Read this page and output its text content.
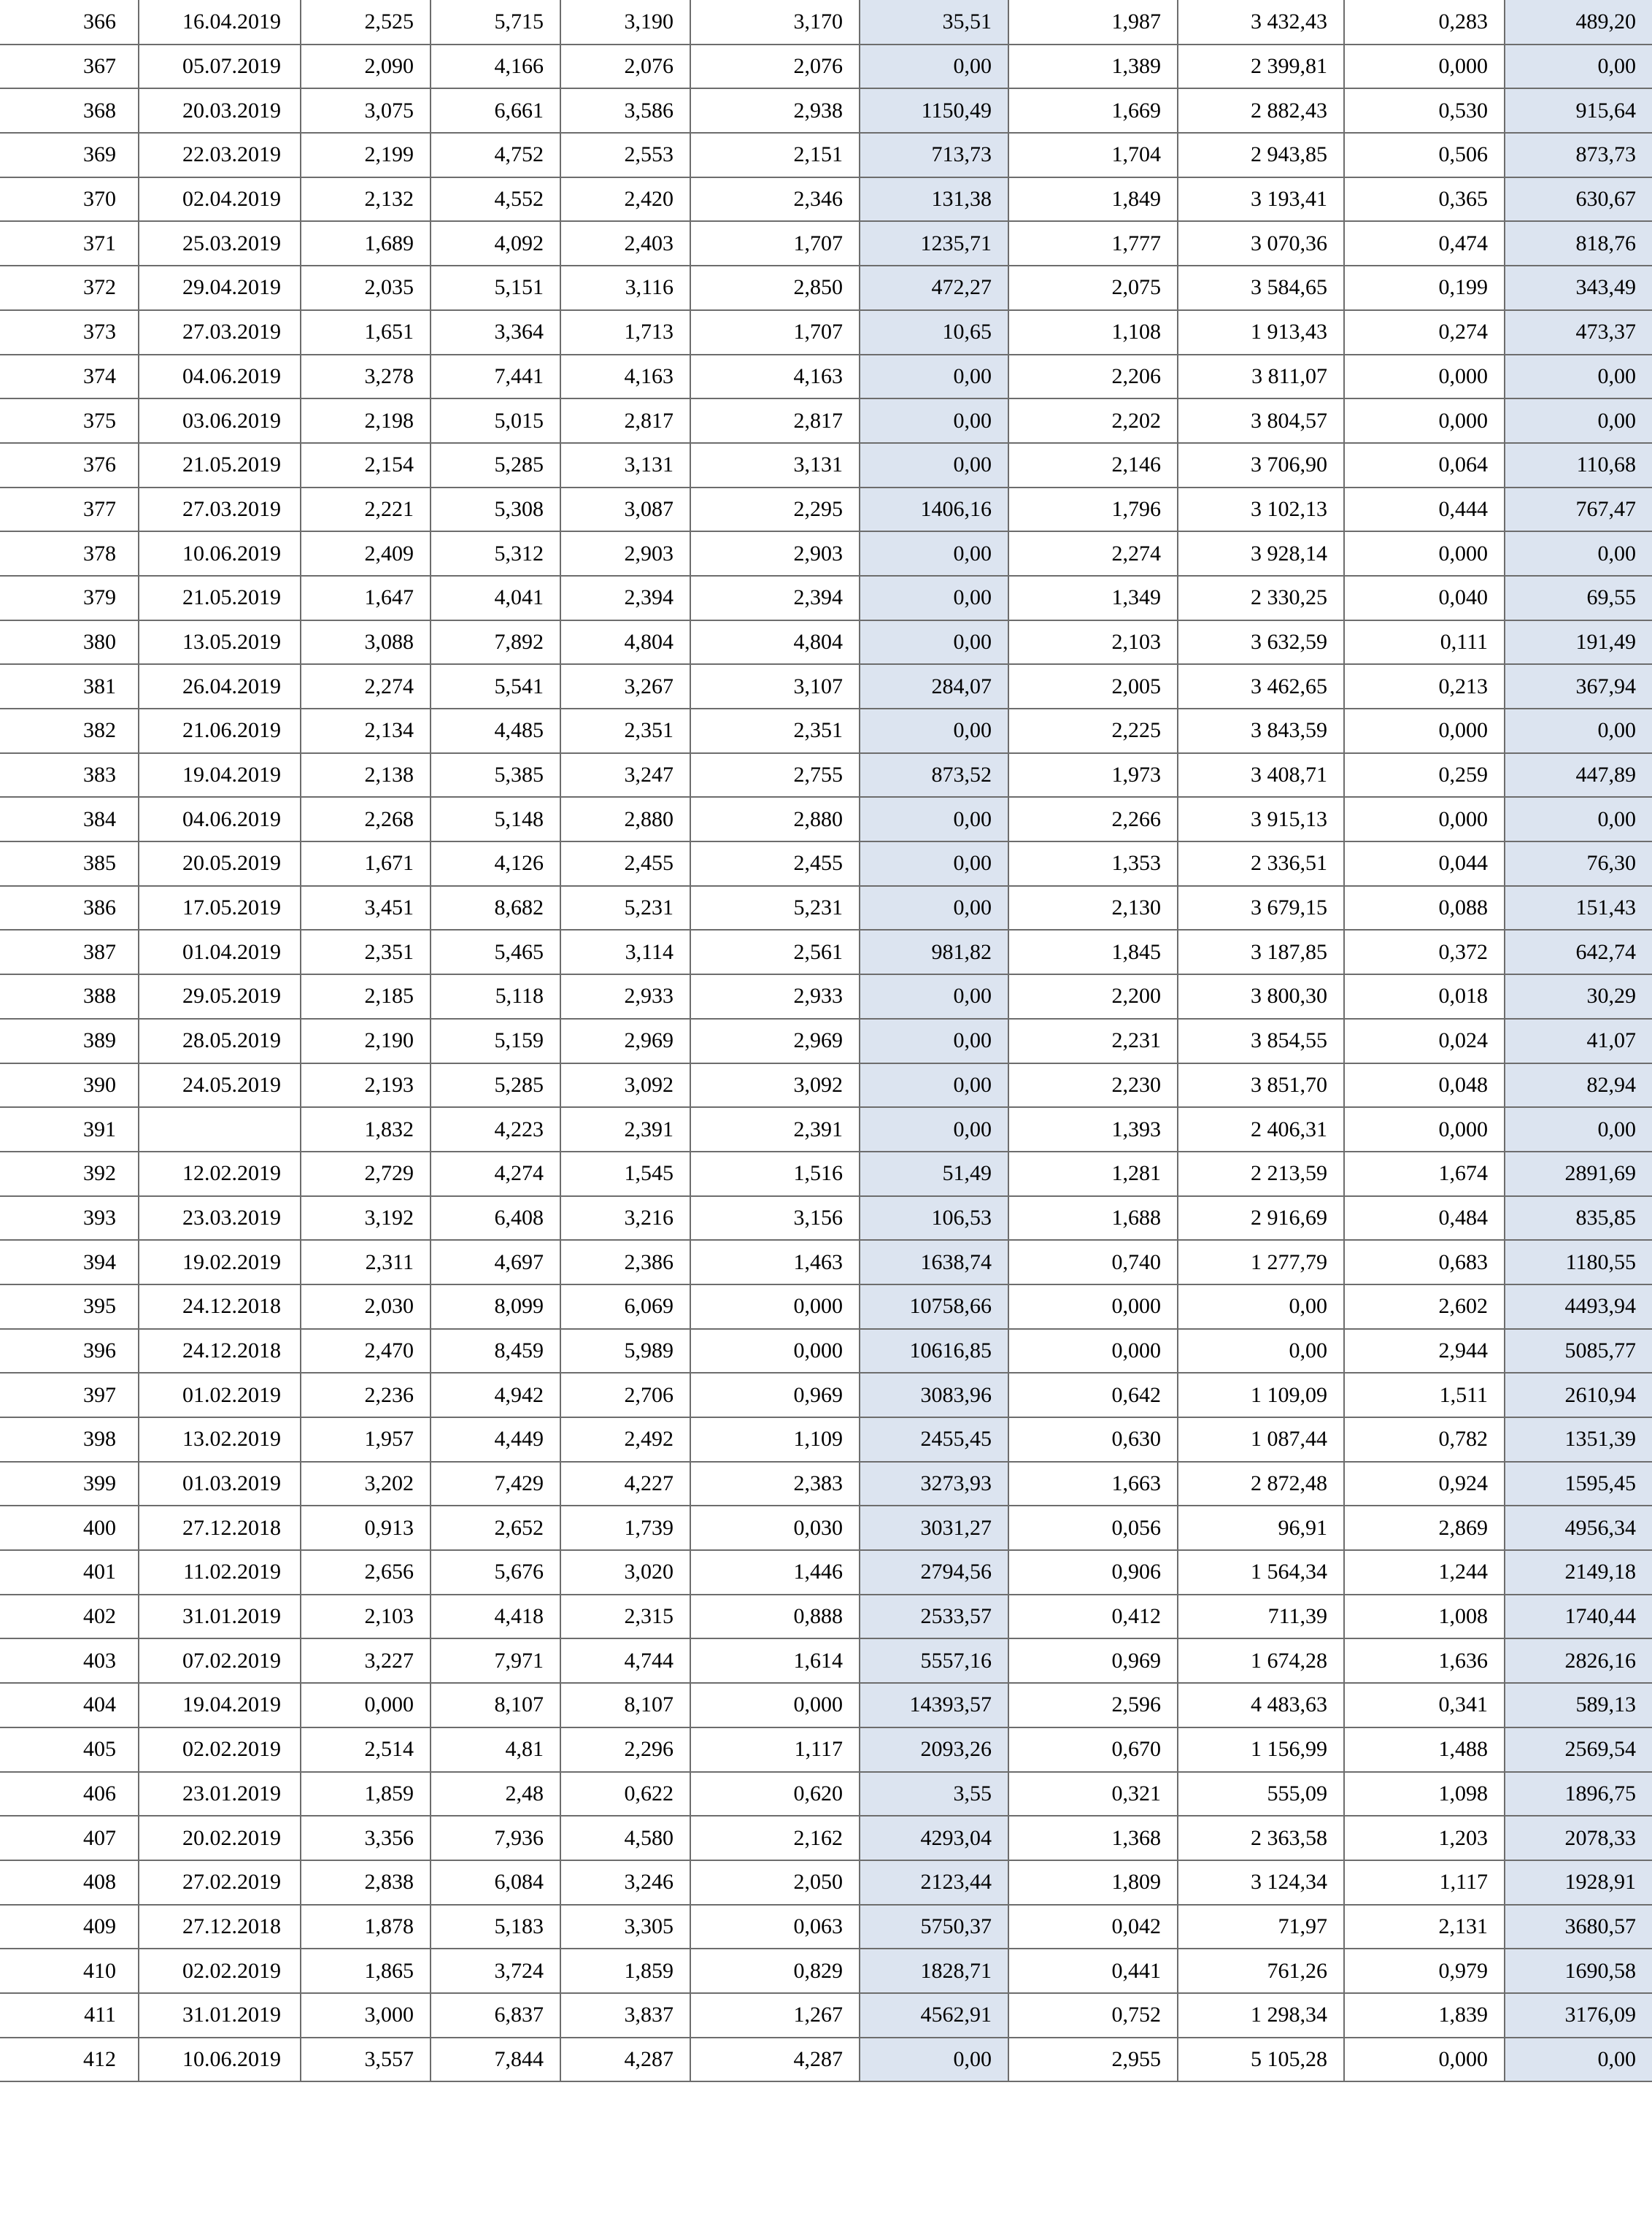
366	16.04.2019	2,525	5,715	3,190	3,170	35,51	1,987	3 432,43	0,283	489,20
367	05.07.2019	2,090	4,166	2,076	2,076	0,00	1,389	2 399,81	0,000	0,00
368	20.03.2019	3,075	6,661	3,586	2,938	1150,49	1,669	2 882,43	0,530	915,64
369	22.03.2019	2,199	4,752	2,553	2,151	713,73	1,704	2 943,85	0,506	873,73
370	02.04.2019	2,132	4,552	2,420	2,346	131,38	1,849	3 193,41	0,365	630,67
371	25.03.2019	1,689	4,092	2,403	1,707	1235,71	1,777	3 070,36	0,474	818,76
372	29.04.2019	2,035	5,151	3,116	2,850	472,27	2,075	3 584,65	0,199	343,49
373	27.03.2019	1,651	3,364	1,713	1,707	10,65	1,108	1 913,43	0,274	473,37
374	04.06.2019	3,278	7,441	4,163	4,163	0,00	2,206	3 811,07	0,000	0,00
375	03.06.2019	2,198	5,015	2,817	2,817	0,00	2,202	3 804,57	0,000	0,00
376	21.05.2019	2,154	5,285	3,131	3,131	0,00	2,146	3 706,90	0,064	110,68
377	27.03.2019	2,221	5,308	3,087	2,295	1406,16	1,796	3 102,13	0,444	767,47
378	10.06.2019	2,409	5,312	2,903	2,903	0,00	2,274	3 928,14	0,000	0,00
379	21.05.2019	1,647	4,041	2,394	2,394	0,00	1,349	2 330,25	0,040	69,55
380	13.05.2019	3,088	7,892	4,804	4,804	0,00	2,103	3 632,59	0,111	191,49
381	26.04.2019	2,274	5,541	3,267	3,107	284,07	2,005	3 462,65	0,213	367,94
382	21.06.2019	2,134	4,485	2,351	2,351	0,00	2,225	3 843,59	0,000	0,00
383	19.04.2019	2,138	5,385	3,247	2,755	873,52	1,973	3 408,71	0,259	447,89
384	04.06.2019	2,268	5,148	2,880	2,880	0,00	2,266	3 915,13	0,000	0,00
385	20.05.2019	1,671	4,126	2,455	2,455	0,00	1,353	2 336,51	0,044	76,30
386	17.05.2019	3,451	8,682	5,231	5,231	0,00	2,130	3 679,15	0,088	151,43
387	01.04.2019	2,351	5,465	3,114	2,561	981,82	1,845	3 187,85	0,372	642,74
388	29.05.2019	2,185	5,118	2,933	2,933	0,00	2,200	3 800,30	0,018	30,29
389	28.05.2019	2,190	5,159	2,969	2,969	0,00	2,231	3 854,55	0,024	41,07
390	24.05.2019	2,193	5,285	3,092	3,092	0,00	2,230	3 851,70	0,048	82,94
391		1,832	4,223	2,391	2,391	0,00	1,393	2 406,31	0,000	0,00
392	12.02.2019	2,729	4,274	1,545	1,516	51,49	1,281	2 213,59	1,674	2891,69
393	23.03.2019	3,192	6,408	3,216	3,156	106,53	1,688	2 916,69	0,484	835,85
394	19.02.2019	2,311	4,697	2,386	1,463	1638,74	0,740	1 277,79	0,683	1180,55
395	24.12.2018	2,030	8,099	6,069	0,000	10758,66	0,000	0,00	2,602	4493,94
396	24.12.2018	2,470	8,459	5,989	0,000	10616,85	0,000	0,00	2,944	5085,77
397	01.02.2019	2,236	4,942	2,706	0,969	3083,96	0,642	1 109,09	1,511	2610,94
398	13.02.2019	1,957	4,449	2,492	1,109	2455,45	0,630	1 087,44	0,782	1351,39
399	01.03.2019	3,202	7,429	4,227	2,383	3273,93	1,663	2 872,48	0,924	1595,45
400	27.12.2018	0,913	2,652	1,739	0,030	3031,27	0,056	96,91	2,869	4956,34
401	11.02.2019	2,656	5,676	3,020	1,446	2794,56	0,906	1 564,34	1,244	2149,18
402	31.01.2019	2,103	4,418	2,315	0,888	2533,57	0,412	711,39	1,008	1740,44
403	07.02.2019	3,227	7,971	4,744	1,614	5557,16	0,969	1 674,28	1,636	2826,16
404	19.04.2019	0,000	8,107	8,107	0,000	14393,57	2,596	4 483,63	0,341	589,13
405	02.02.2019	2,514	4,81	2,296	1,117	2093,26	0,670	1 156,99	1,488	2569,54
406	23.01.2019	1,859	2,48	0,622	0,620	3,55	0,321	555,09	1,098	1896,75
407	20.02.2019	3,356	7,936	4,580	2,162	4293,04	1,368	2 363,58	1,203	2078,33
408	27.02.2019	2,838	6,084	3,246	2,050	2123,44	1,809	3 124,34	1,117	1928,91
409	27.12.2018	1,878	5,183	3,305	0,063	5750,37	0,042	71,97	2,131	3680,57
410	02.02.2019	1,865	3,724	1,859	0,829	1828,71	0,441	761,26	0,979	1690,58
411	31.01.2019	3,000	6,837	3,837	1,267	4562,91	0,752	1 298,34	1,839	3176,09
412	10.06.2019	3,557	7,844	4,287	4,287	0,00	2,955	5 105,28	0,000	0,00
